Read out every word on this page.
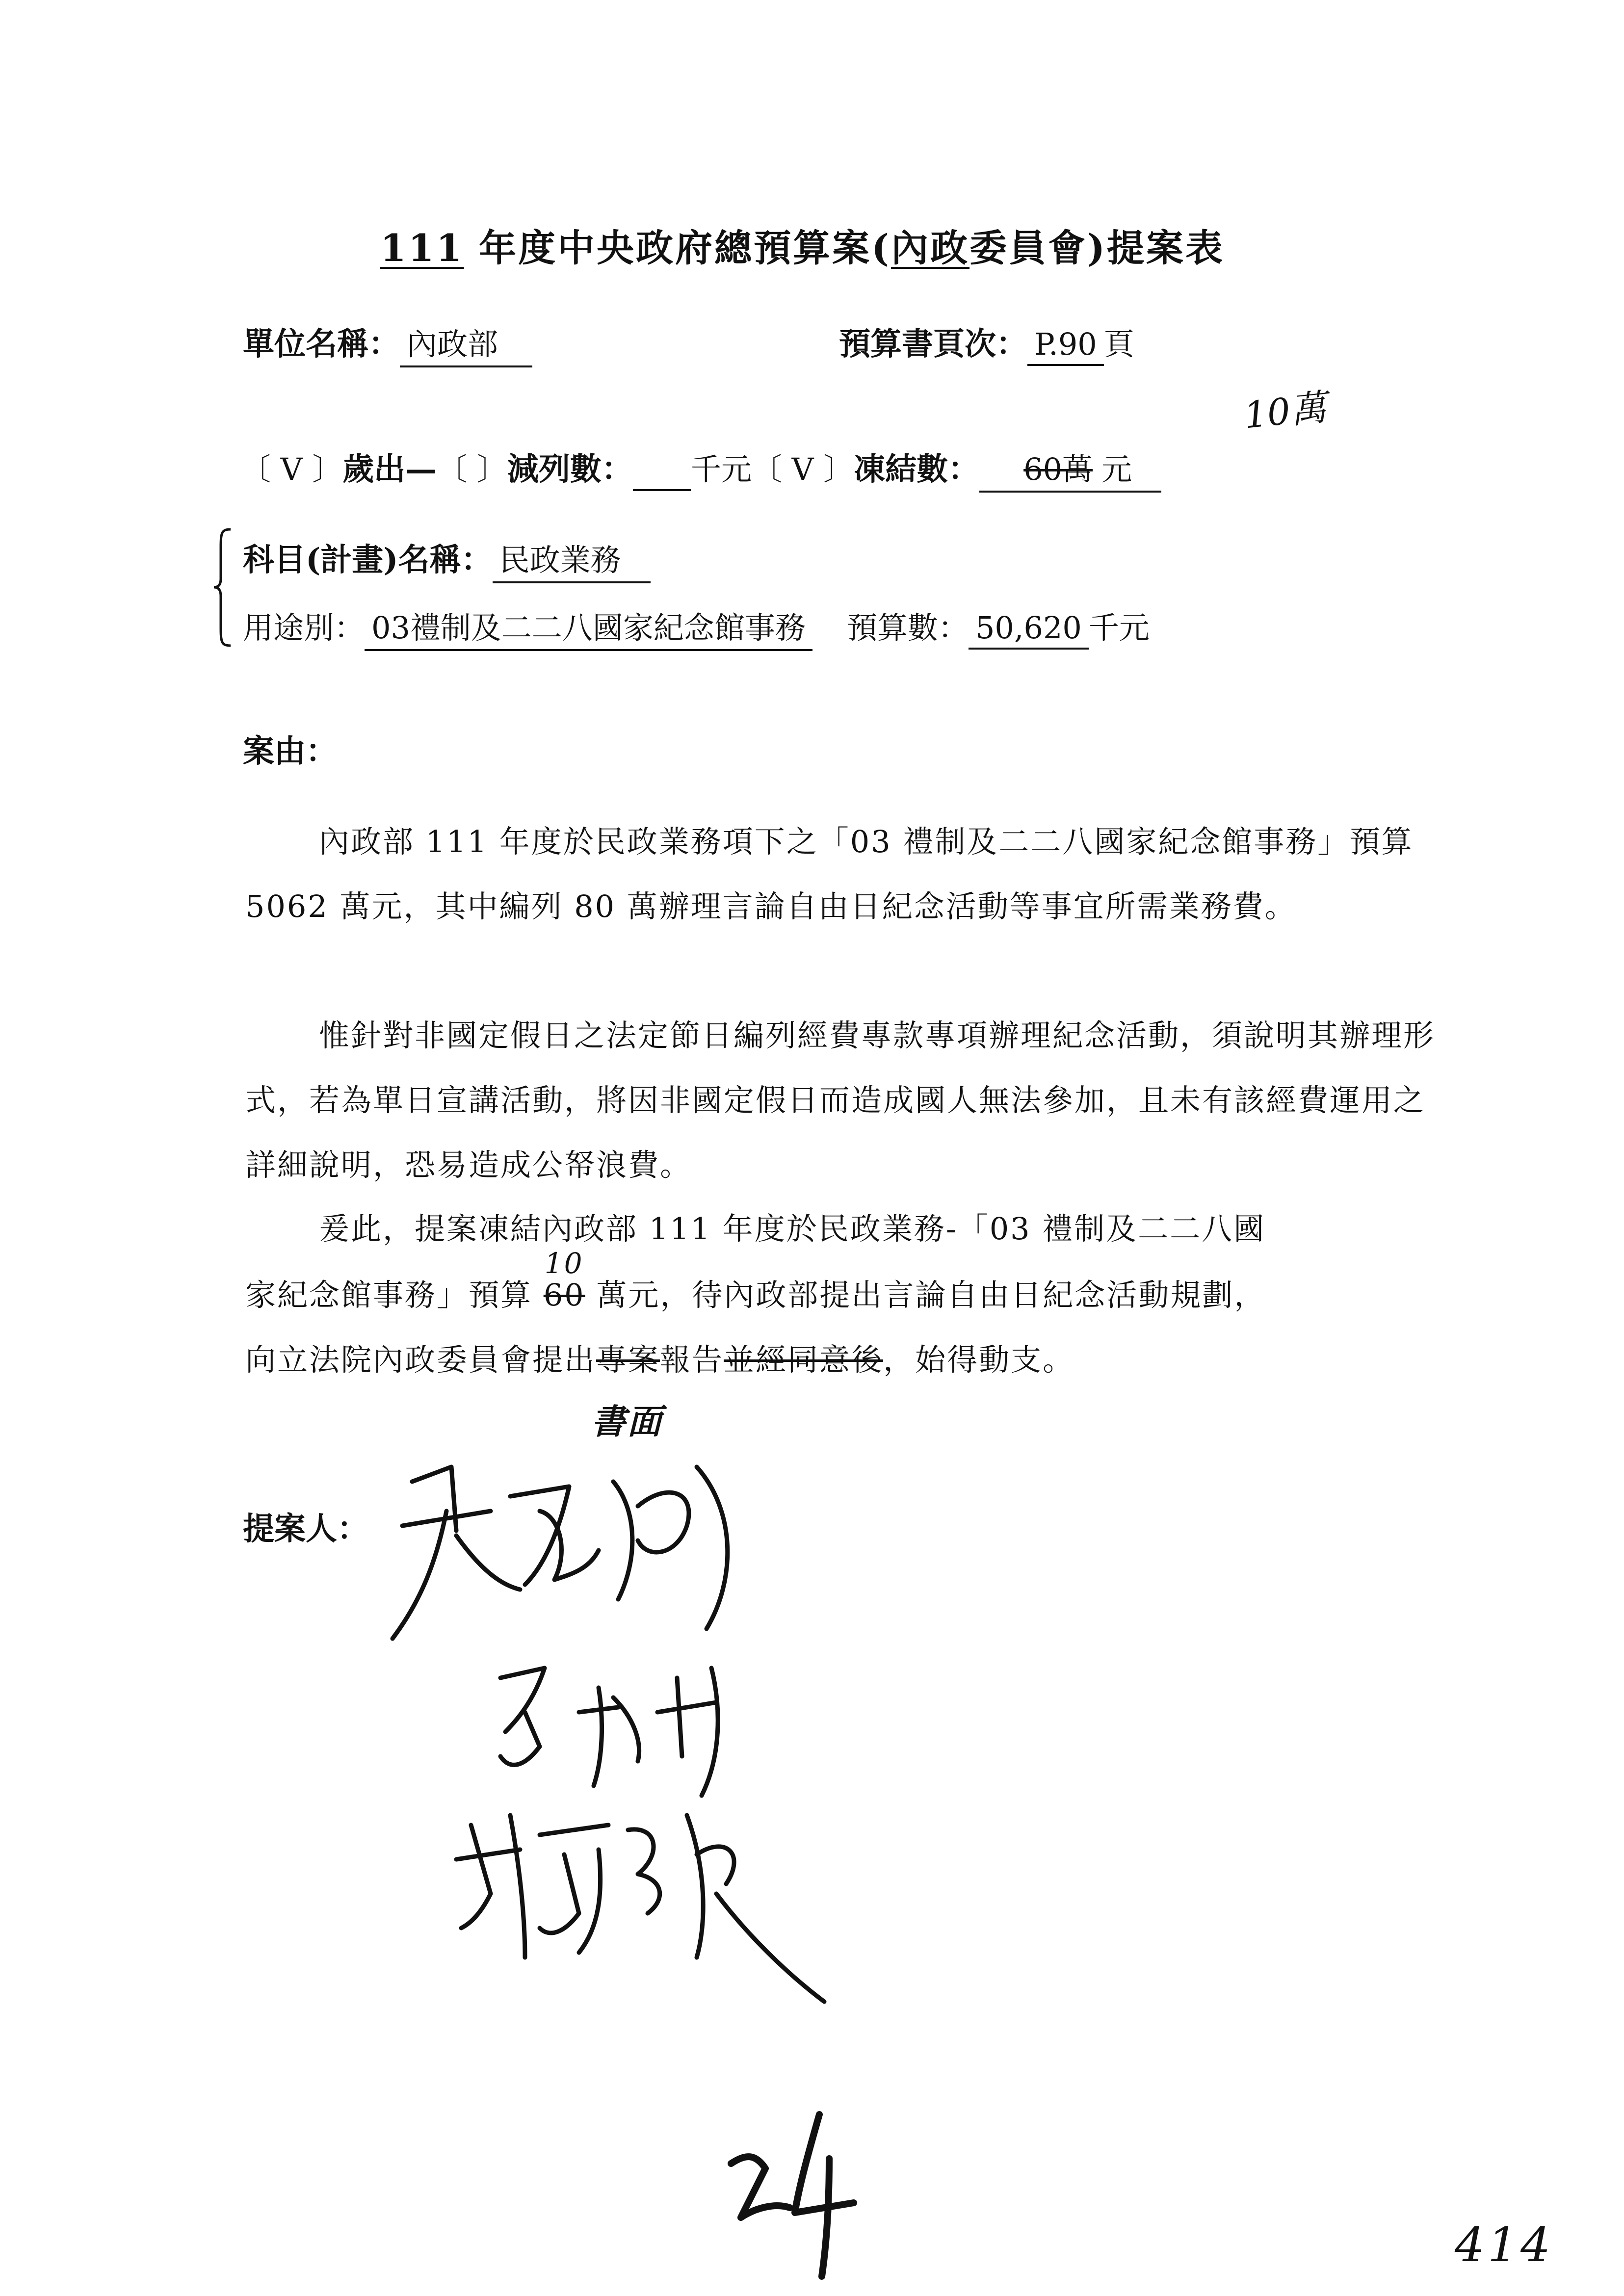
111 年度中央政府總預算案(內政委員會)提案表
單位名稱： 內政部	預算書頁次： P.90 頁
〔 V 〕歲出—〔 〕減列數： 千元〔 V 〕凍結數： 60萬 元
10萬
科目(計畫)名稱： 民政業務
用途別： 03禮制及二二八國家紀念館事務 預算數： 50,620 千元
案由：
內政部 111 年度於民政業務項下之「03 禮制及二二八國家紀念館事務」預算 5062 萬元，其中編列 80 萬辦理言論自由日紀念活動等事宜所需業務費。
惟針對非國定假日之法定節日編列經費專款專項辦理紀念活動，須說明其辦理形式，若為單日宣講活動，將因非國定假日而造成國人無法參加，且未有該經費運用之詳細說明，恐易造成公帑浪費。
爰此，提案凍結內政部 111 年度於民政業務-「03 禮制及二二八國
家紀念館事務」預算 60
10
萬元，待內政部提出言論自由日紀念活動規劃，
向立法院內政委員會提出專案
書面
報告並經同意後，始得動支。
提案人：
414
